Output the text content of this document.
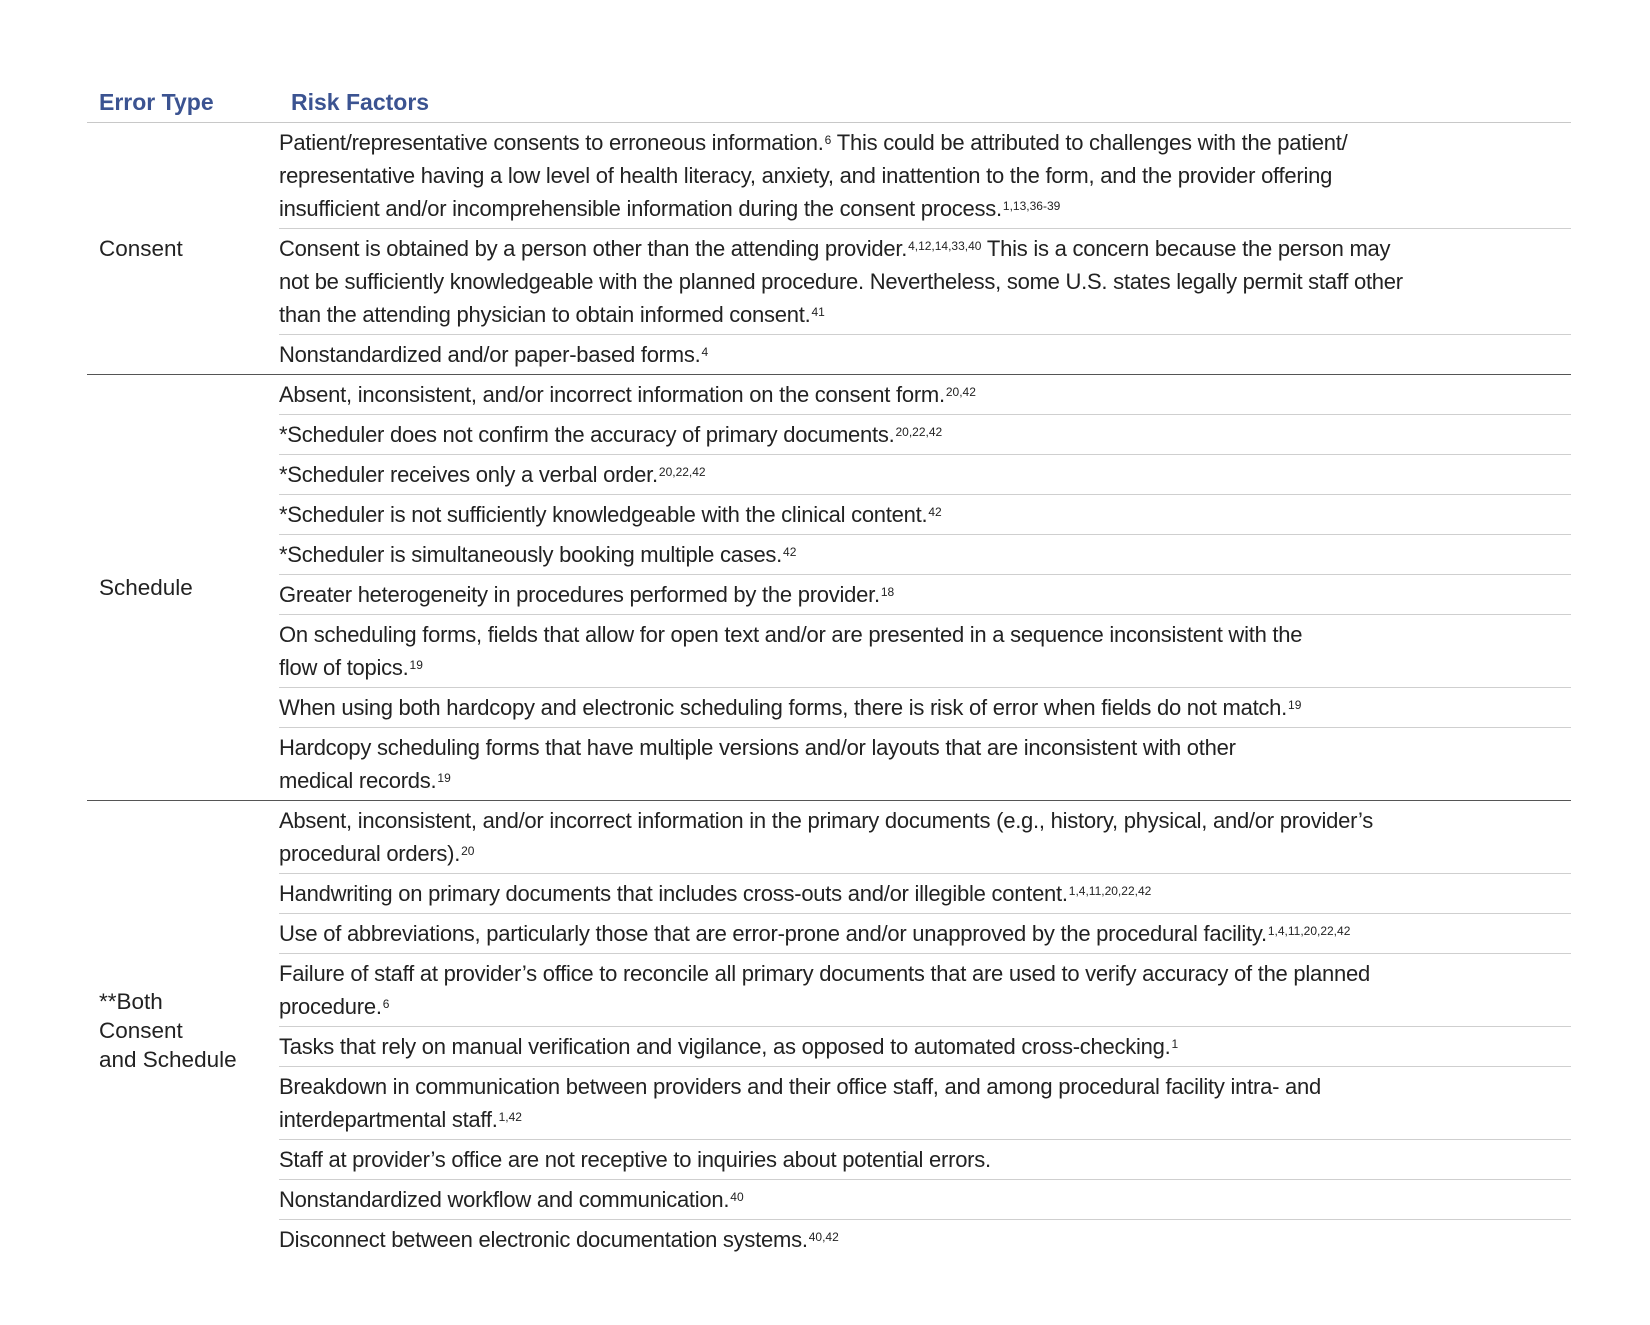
Error Type	Risk Factors
Consent
Patient/representative consents to erroneous information.$^6$ This could be attributed to challenges with the patient/
representative having a low level of health literacy, anxiety, and inattention to the form, and the provider offering
insufficient and/or incomprehensible information during the consent process.$^{1,13,36-39}$
Consent is obtained by a person other than the attending provider.$^{4,12,14,33,40}$ This is a concern because the person may
not be sufficiently knowledgeable with the planned procedure. Nevertheless, some U.S. states legally permit staff other
than the attending physician to obtain informed consent.$^{41}$
Nonstandardized and/or paper-based forms.$^4$
Schedule
Absent, inconsistent, and/or incorrect information on the consent form.$^{20,42}$
*Scheduler does not confirm the accuracy of primary documents.$^{20,22,42}$
*Scheduler receives only a verbal order.$^{20,22,42}$
*Scheduler is not sufficiently knowledgeable with the clinical content.$^{42}$
*Scheduler is simultaneously booking multiple cases.$^{42}$
Greater heterogeneity in procedures performed by the provider.$^{18}$
On scheduling forms, fields that allow for open text and/or are presented in a sequence inconsistent with the
flow of topics.$^{19}$
When using both hardcopy and electronic scheduling forms, there is risk of error when fields do not match.$^{19}$
Hardcopy scheduling forms that have multiple versions and/or layouts that are inconsistent with other
medical records.$^{19}$
**Both
Consent
and Schedule
Absent, inconsistent, and/or incorrect information in the primary documents (e.g., history, physical, and/or provider’s
procedural orders).$^{20}$
Handwriting on primary documents that includes cross-outs and/or illegible content.$^{1,4,11,20,22,42}$
Use of abbreviations, particularly those that are error-prone and/or unapproved by the procedural facility.$^{1,4,11,20,22,42}$
Failure of staff at provider’s office to reconcile all primary documents that are used to verify accuracy of the planned
procedure.$^6$
Tasks that rely on manual verification and vigilance, as opposed to automated cross-checking.$^1$
Breakdown in communication between providers and their office staff, and among procedural facility intra- and
interdepartmental staff.$^{1,42}$
Staff at provider’s office are not receptive to inquiries about potential errors.
Nonstandardized workflow and communication.$^{40}$
Disconnect between electronic documentation systems.$^{40,42}$
